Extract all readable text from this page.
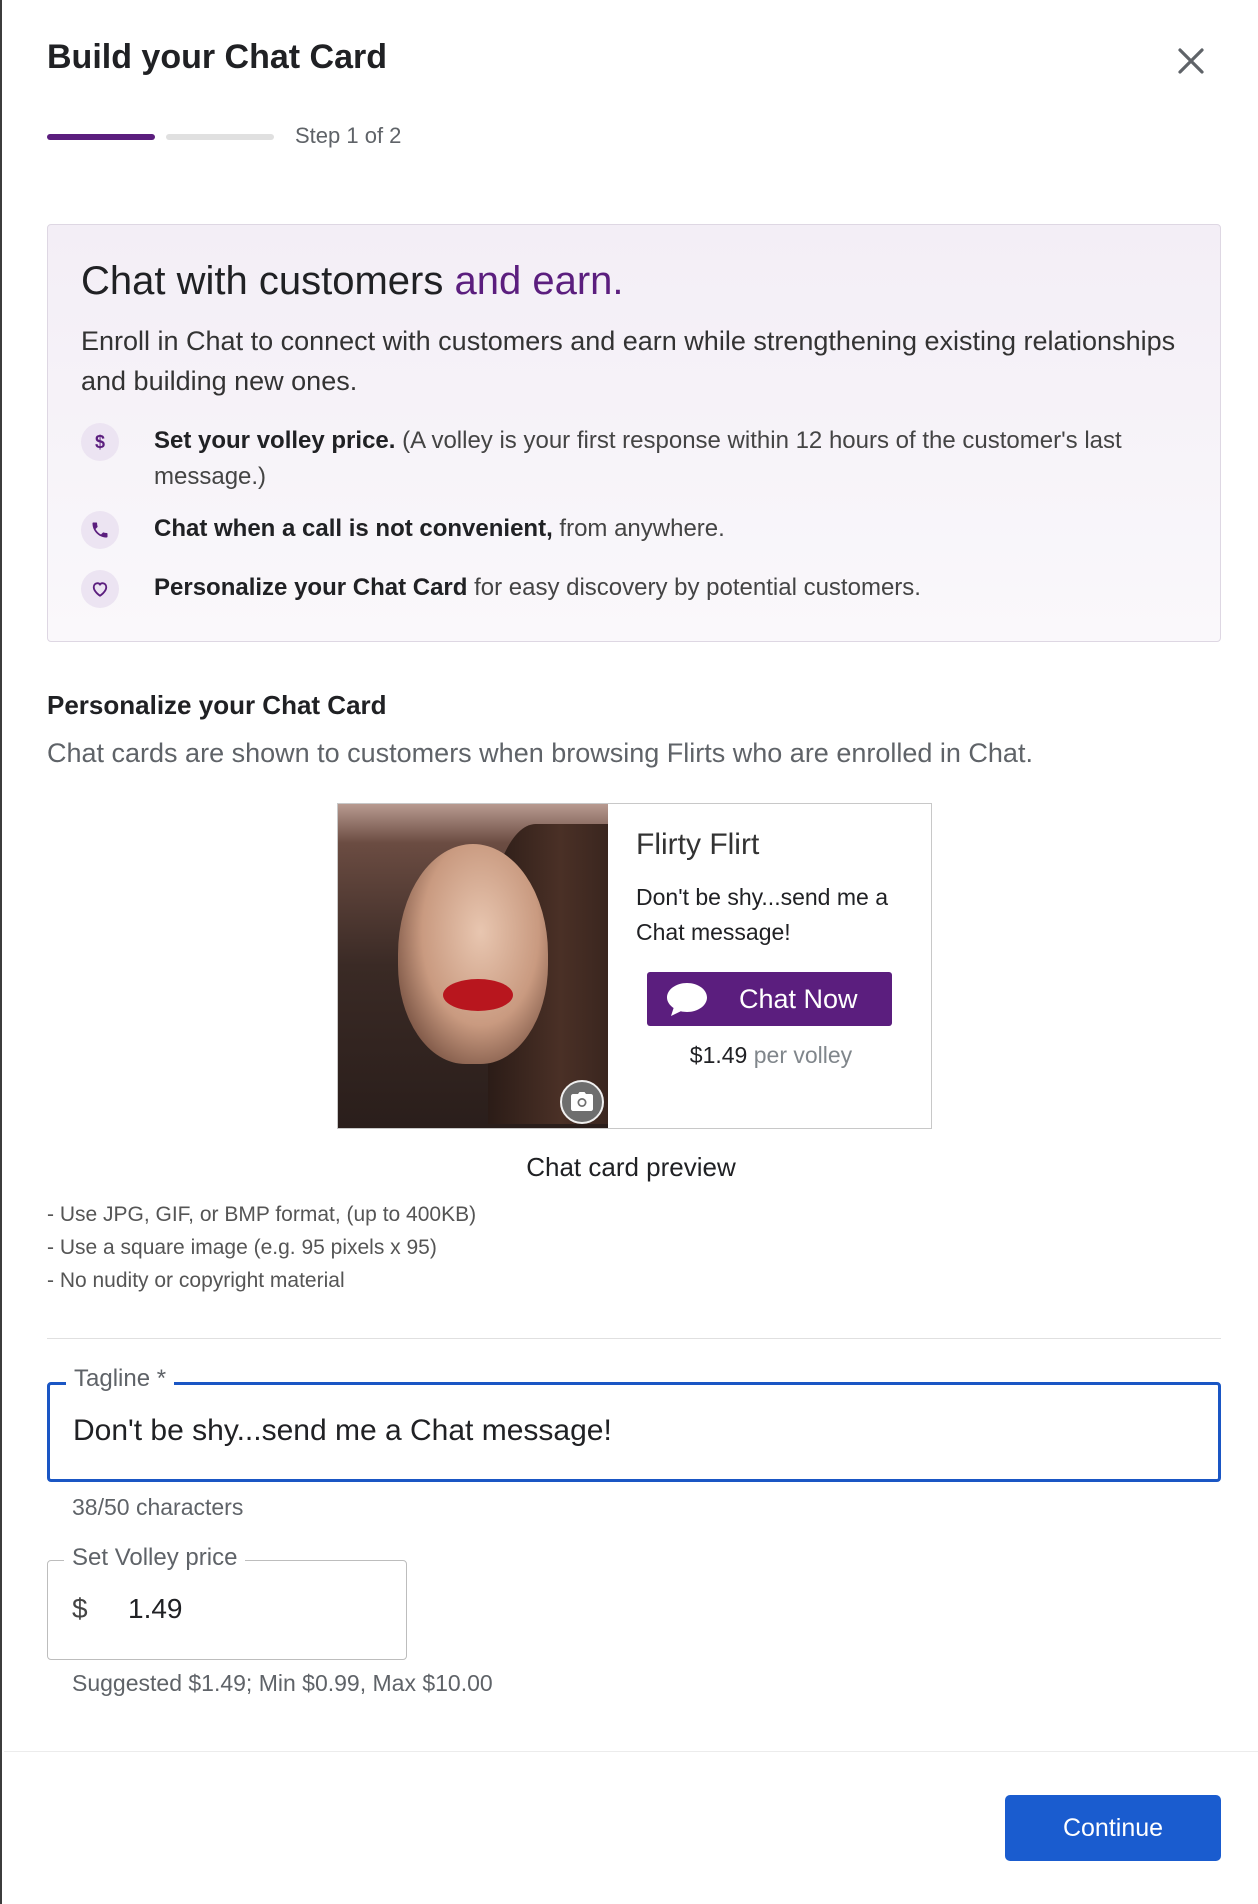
Build your Chat Card
Step 1 of 2
Chat with customers and earn.
Enroll in Chat to connect with customers and earn while strengthening existing relationships and building new ones.
$ Set your volley price. (A volley is your first response within 12 hours of the customer's last message.)
Chat when a call is not convenient, from anywhere.
Personalize your Chat Card for easy discovery by potential customers.
Personalize your Chat Card

Chat cards are shown to customers when browsing Flirts who are enrolled in Chat.

Flirty Flirt
Don't be shy...send me a Chat message!
Chat Now
$1.49 per volley
Chat card preview
- Use JPG, GIF, or BMP format, (up to 400KB)
- Use a square image (e.g. 95 pixels x 95)
- No nudity or copyright material
Tagline *
Don't be shy...send me a Chat message!
38/50 characters
Set Volley price
$
1.49
Suggested $1.49; Min $0.99, Max $10.00
Continue
